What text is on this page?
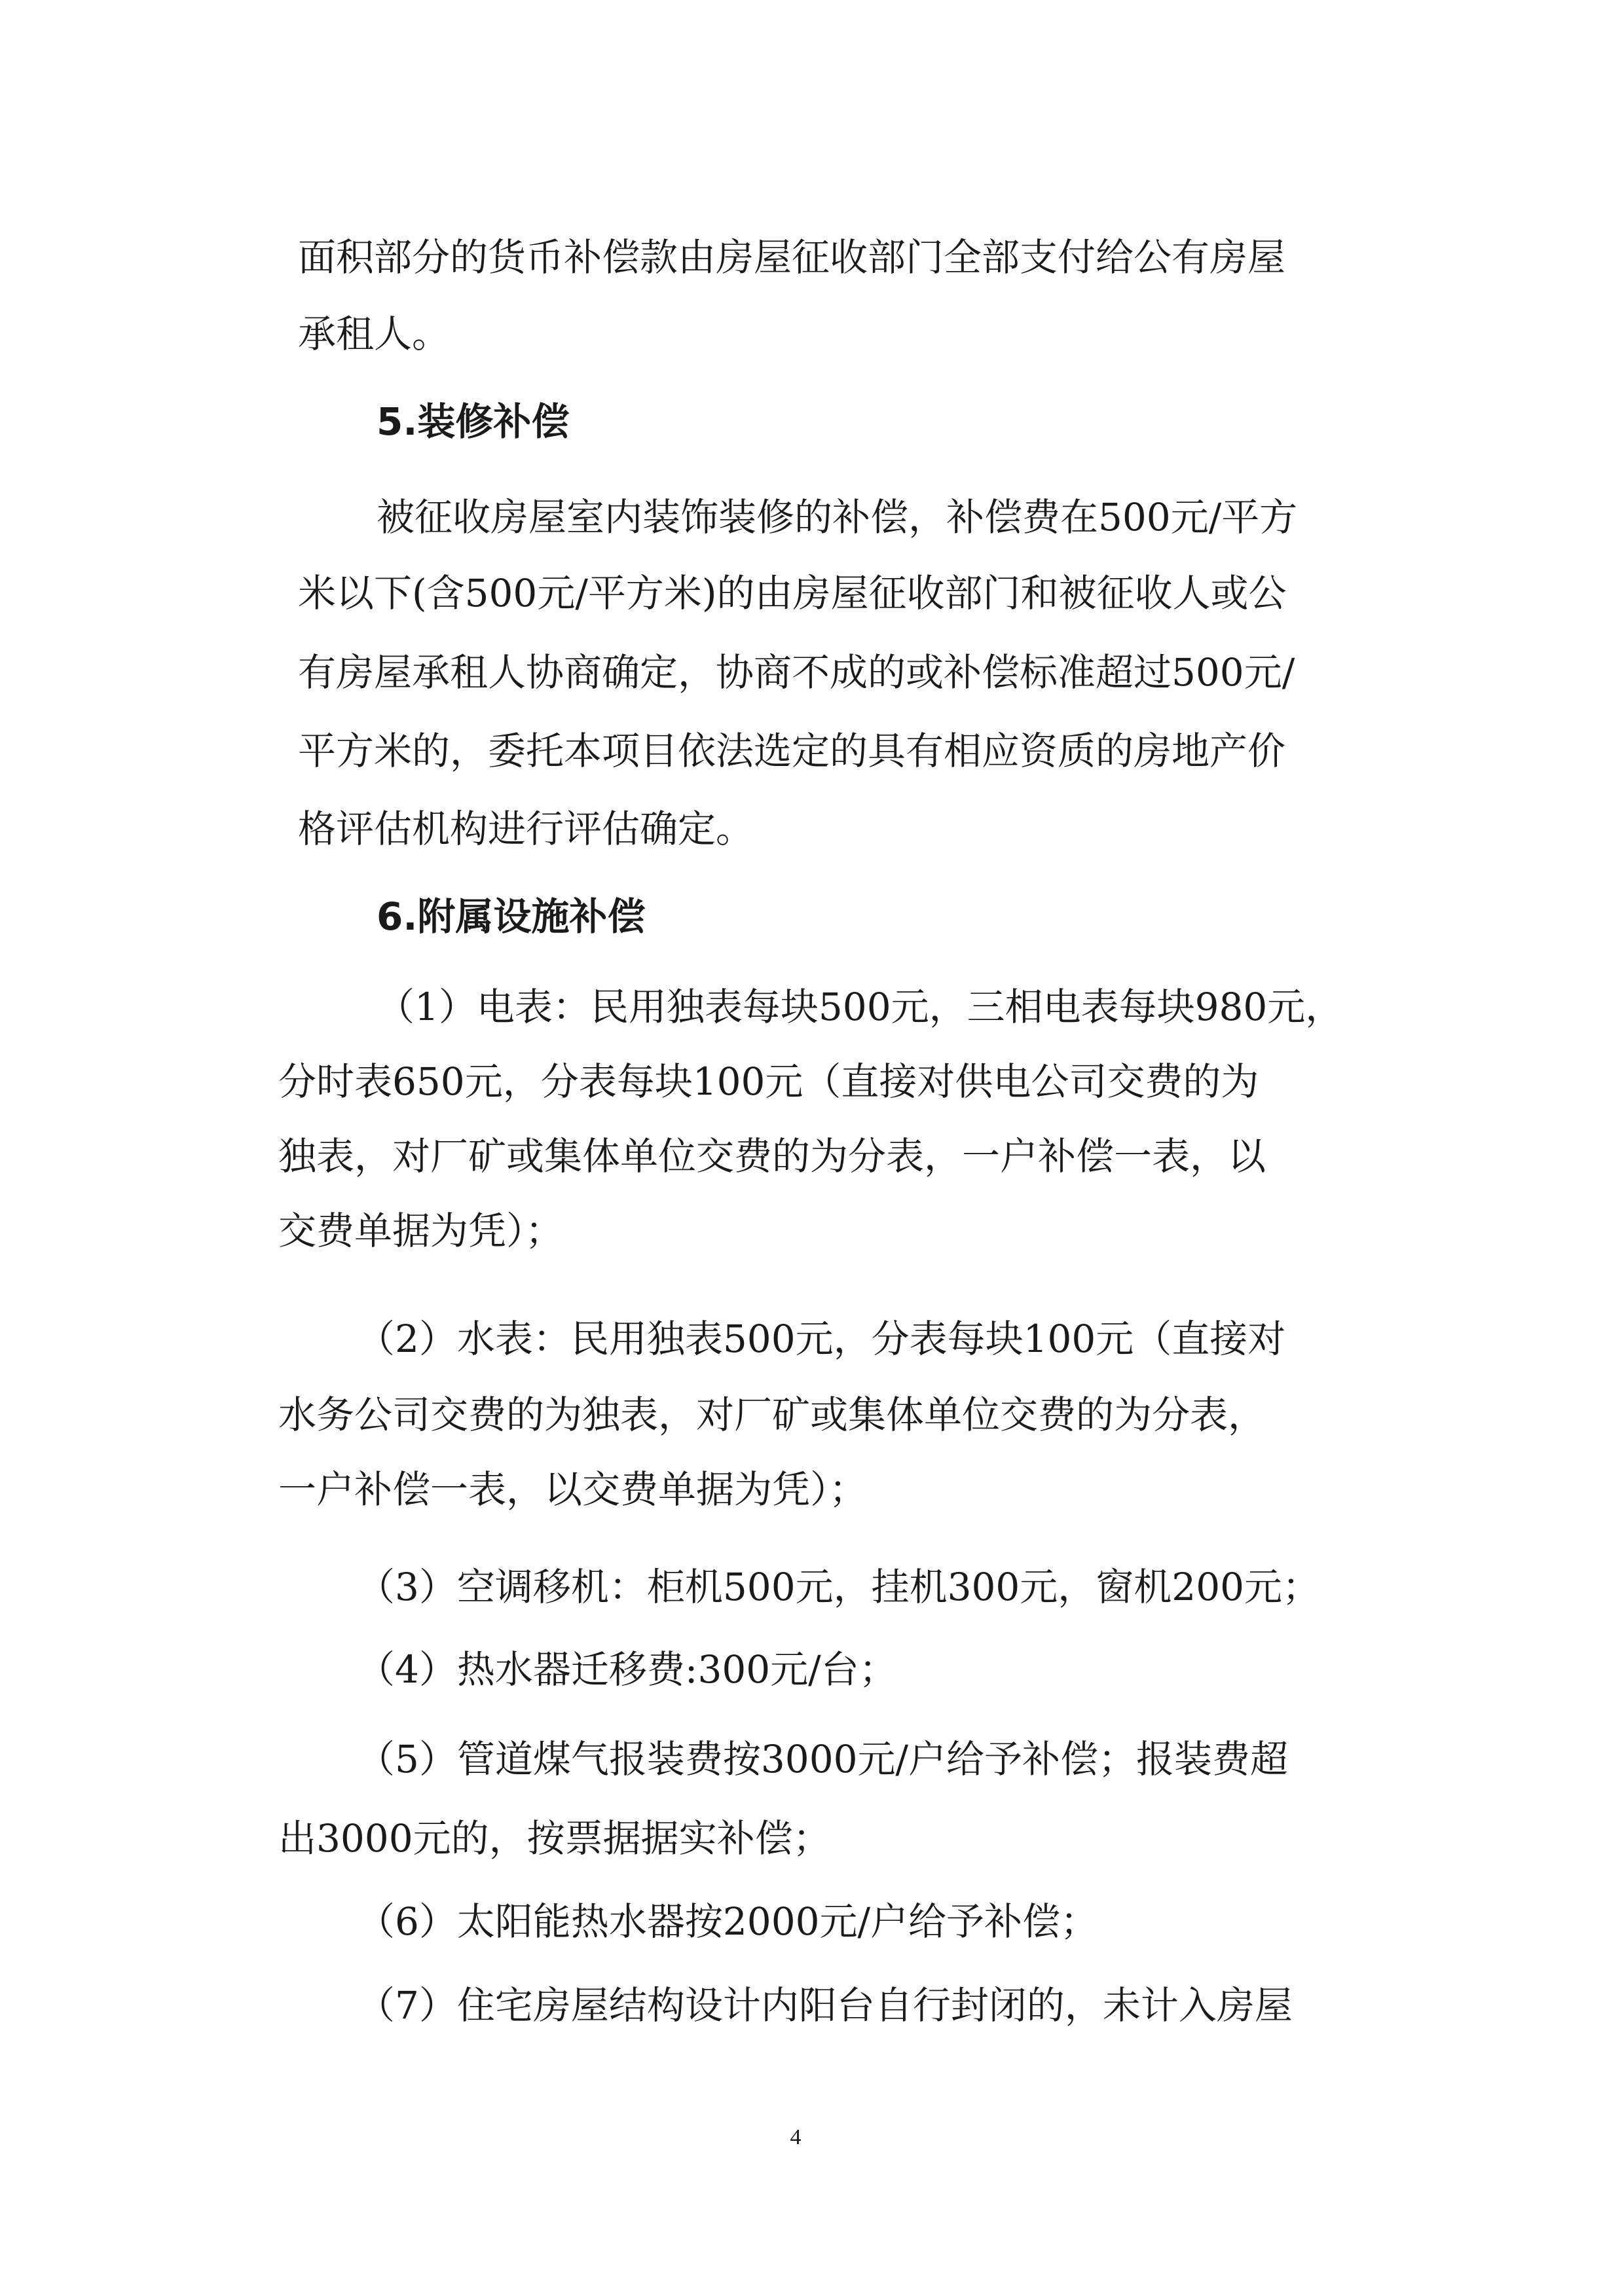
面积部分的货币补偿款由房屋征收部门全部支付给公有房屋
承租人。
5.装修补偿
被征收房屋室内装饰装修的补偿，补偿费在500元/平方
米以下(含500元/平方米)的由房屋征收部门和被征收人或公
有房屋承租人协商确定，协商不成的或补偿标准超过500元/
平方米的，委托本项目依法选定的具有相应资质的房地产价
格评估机构进行评估确定。
6.附属设施补偿
（1）电表：民用独表每块500元，三相电表每块980元，
分时表650元，分表每块100元（直接对供电公司交费的为
独表，对厂矿或集体单位交费的为分表，一户补偿一表，以
交费单据为凭）；
（2）水表：民用独表500元，分表每块100元（直接对
水务公司交费的为独表，对厂矿或集体单位交费的为分表，
一户补偿一表，以交费单据为凭）；
（3）空调移机：柜机500元，挂机300元，窗机200元；
（4）热水器迁移费:300元/台；
（5）管道煤气报装费按3000元/户给予补偿；报装费超
出3000元的，按票据据实补偿；
（6）太阳能热水器按2000元/户给予补偿；
（7）住宅房屋结构设计内阳台自行封闭的，未计入房屋
4
